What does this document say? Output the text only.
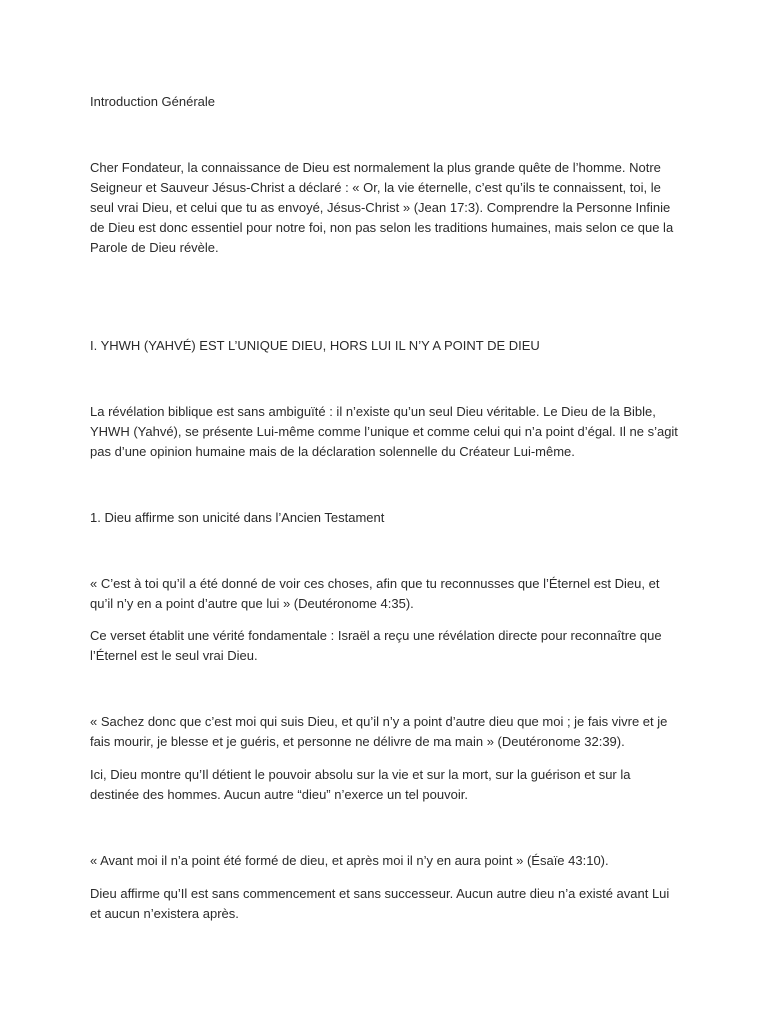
Introduction Générale

Cher Fondateur, la connaissance de Dieu est normalement la plus grande quête de l’homme. Notre Seigneur et Sauveur Jésus-Christ a déclaré : « Or, la vie éternelle, c’est qu’ils te connaissent, toi, le seul vrai Dieu, et celui que tu as envoyé, Jésus-Christ » (Jean 17:3). Comprendre la Personne Infinie de Dieu est donc essentiel pour notre foi, non pas selon les traditions humaines, mais selon ce que la Parole de Dieu révèle.

I. YHWH (YAHVÉ) EST L’UNIQUE DIEU, HORS LUI IL N’Y A POINT DE DIEU

La révélation biblique est sans ambiguïté : il n’existe qu’un seul Dieu véritable. Le Dieu de la Bible, YHWH (Yahvé), se présente Lui-même comme l’unique et comme celui qui n’a point d’égal. Il ne s’agit pas d’une opinion humaine mais de la déclaration solennelle du Créateur Lui-même.

1. Dieu affirme son unicité dans l’Ancien Testament

« C’est à toi qu’il a été donné de voir ces choses, afin que tu reconnusses que l’Éternel est Dieu, et qu’il n’y en a point d’autre que lui » (Deutéronome 4:35).

Ce verset établit une vérité fondamentale : Israël a reçu une révélation directe pour reconnaître que l’Éternel est le seul vrai Dieu.

« Sachez donc que c’est moi qui suis Dieu, et qu’il n’y a point d’autre dieu que moi ; je fais vivre et je fais mourir, je blesse et je guéris, et personne ne délivre de ma main » (Deutéronome 32:39).

Ici, Dieu montre qu’Il détient le pouvoir absolu sur la vie et sur la mort, sur la guérison et sur la destinée des hommes. Aucun autre “dieu” n’exerce un tel pouvoir.

« Avant moi il n’a point été formé de dieu, et après moi il n’y en aura point » (Ésaïe 43:10).

Dieu affirme qu’Il est sans commencement et sans successeur. Aucun autre dieu n’a existé avant Lui et aucun n’existera après.
